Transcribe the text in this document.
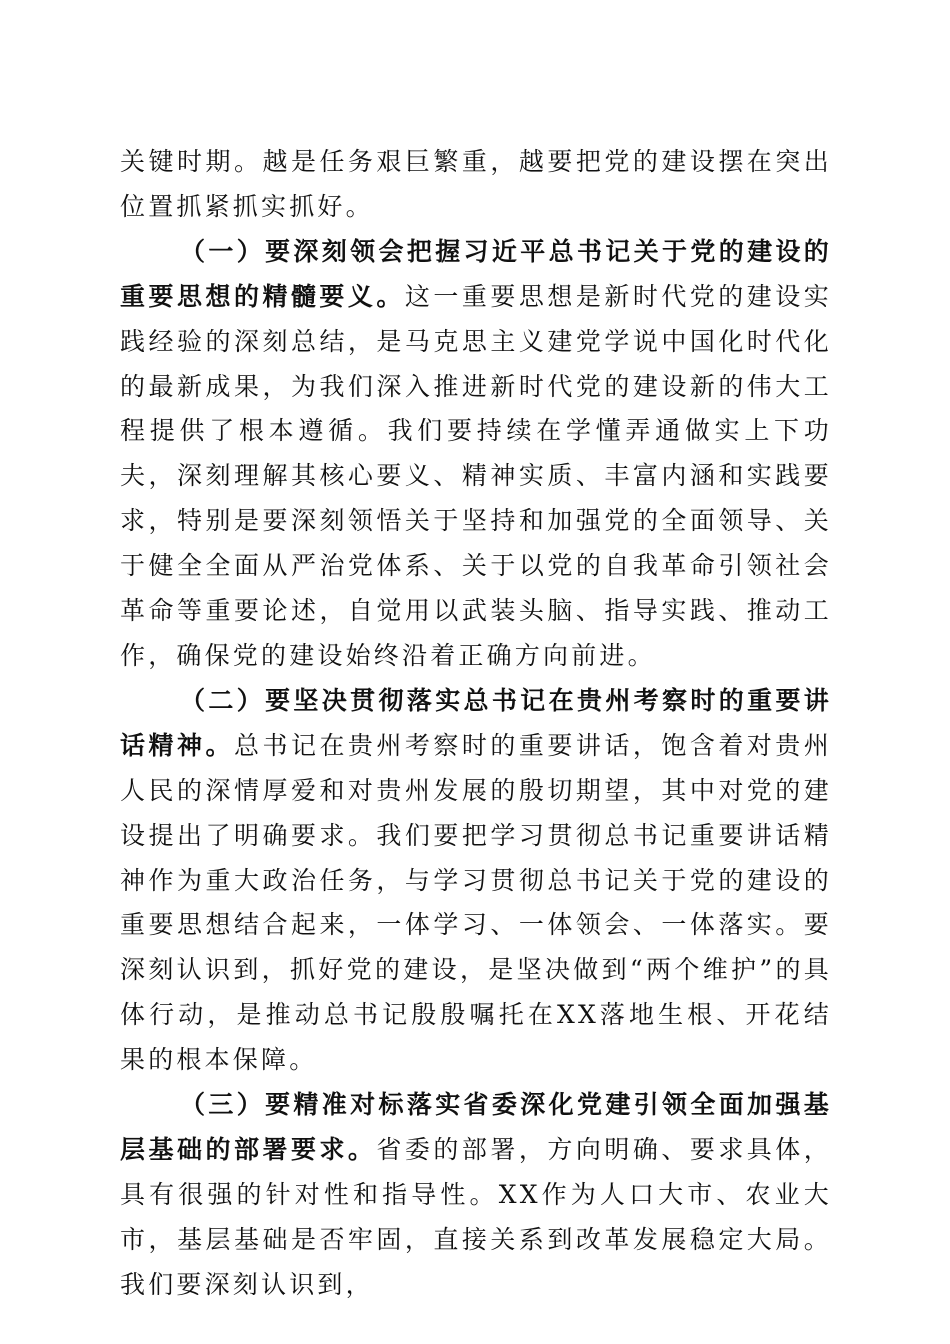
关键时期。越是任务艰巨繁重，越要把党的建设摆在突出位置抓紧抓实抓好。

（一）要深刻领会把握习近平总书记关于党的建设的重要思想的精髓要义。这一重要思想是新时代党的建设实践经验的深刻总结，是马克思主义建党学说中国化时代化的最新成果，为我们深入推进新时代党的建设新的伟大工程提供了根本遵循。我们要持续在学懂弄通做实上下功夫，深刻理解其核心要义、精神实质、丰富内涵和实践要求，特别是要深刻领悟关于坚持和加强党的全面领导、关于健全全面从严治党体系、关于以党的自我革命引领社会革命等重要论述，自觉用以武装头脑、指导实践、推动工作，确保党的建设始终沿着正确方向前进。

（二）要坚决贯彻落实总书记在贵州考察时的重要讲话精神。总书记在贵州考察时的重要讲话，饱含着对贵州人民的深情厚爱和对贵州发展的殷切期望，其中对党的建设提出了明确要求。我们要把学习贯彻总书记重要讲话精神作为重大政治任务，与学习贯彻总书记关于党的建设的重要思想结合起来，一体学习、一体领会、一体落实。要深刻认识到，抓好党的建设，是坚决做到“两个维护”的具体行动，是推动总书记殷殷嘱托在XX落地生根、开花结果的根本保障。

（三）要精准对标落实省委深化党建引领全面加强基层基础的部署要求。省委的部署，方向明确、要求具体，具有很强的针对性和指导性。XX作为人口大市、农业大市，基层基础是否牢固，直接关系到改革发展稳定大局。我们要深刻认识到，
